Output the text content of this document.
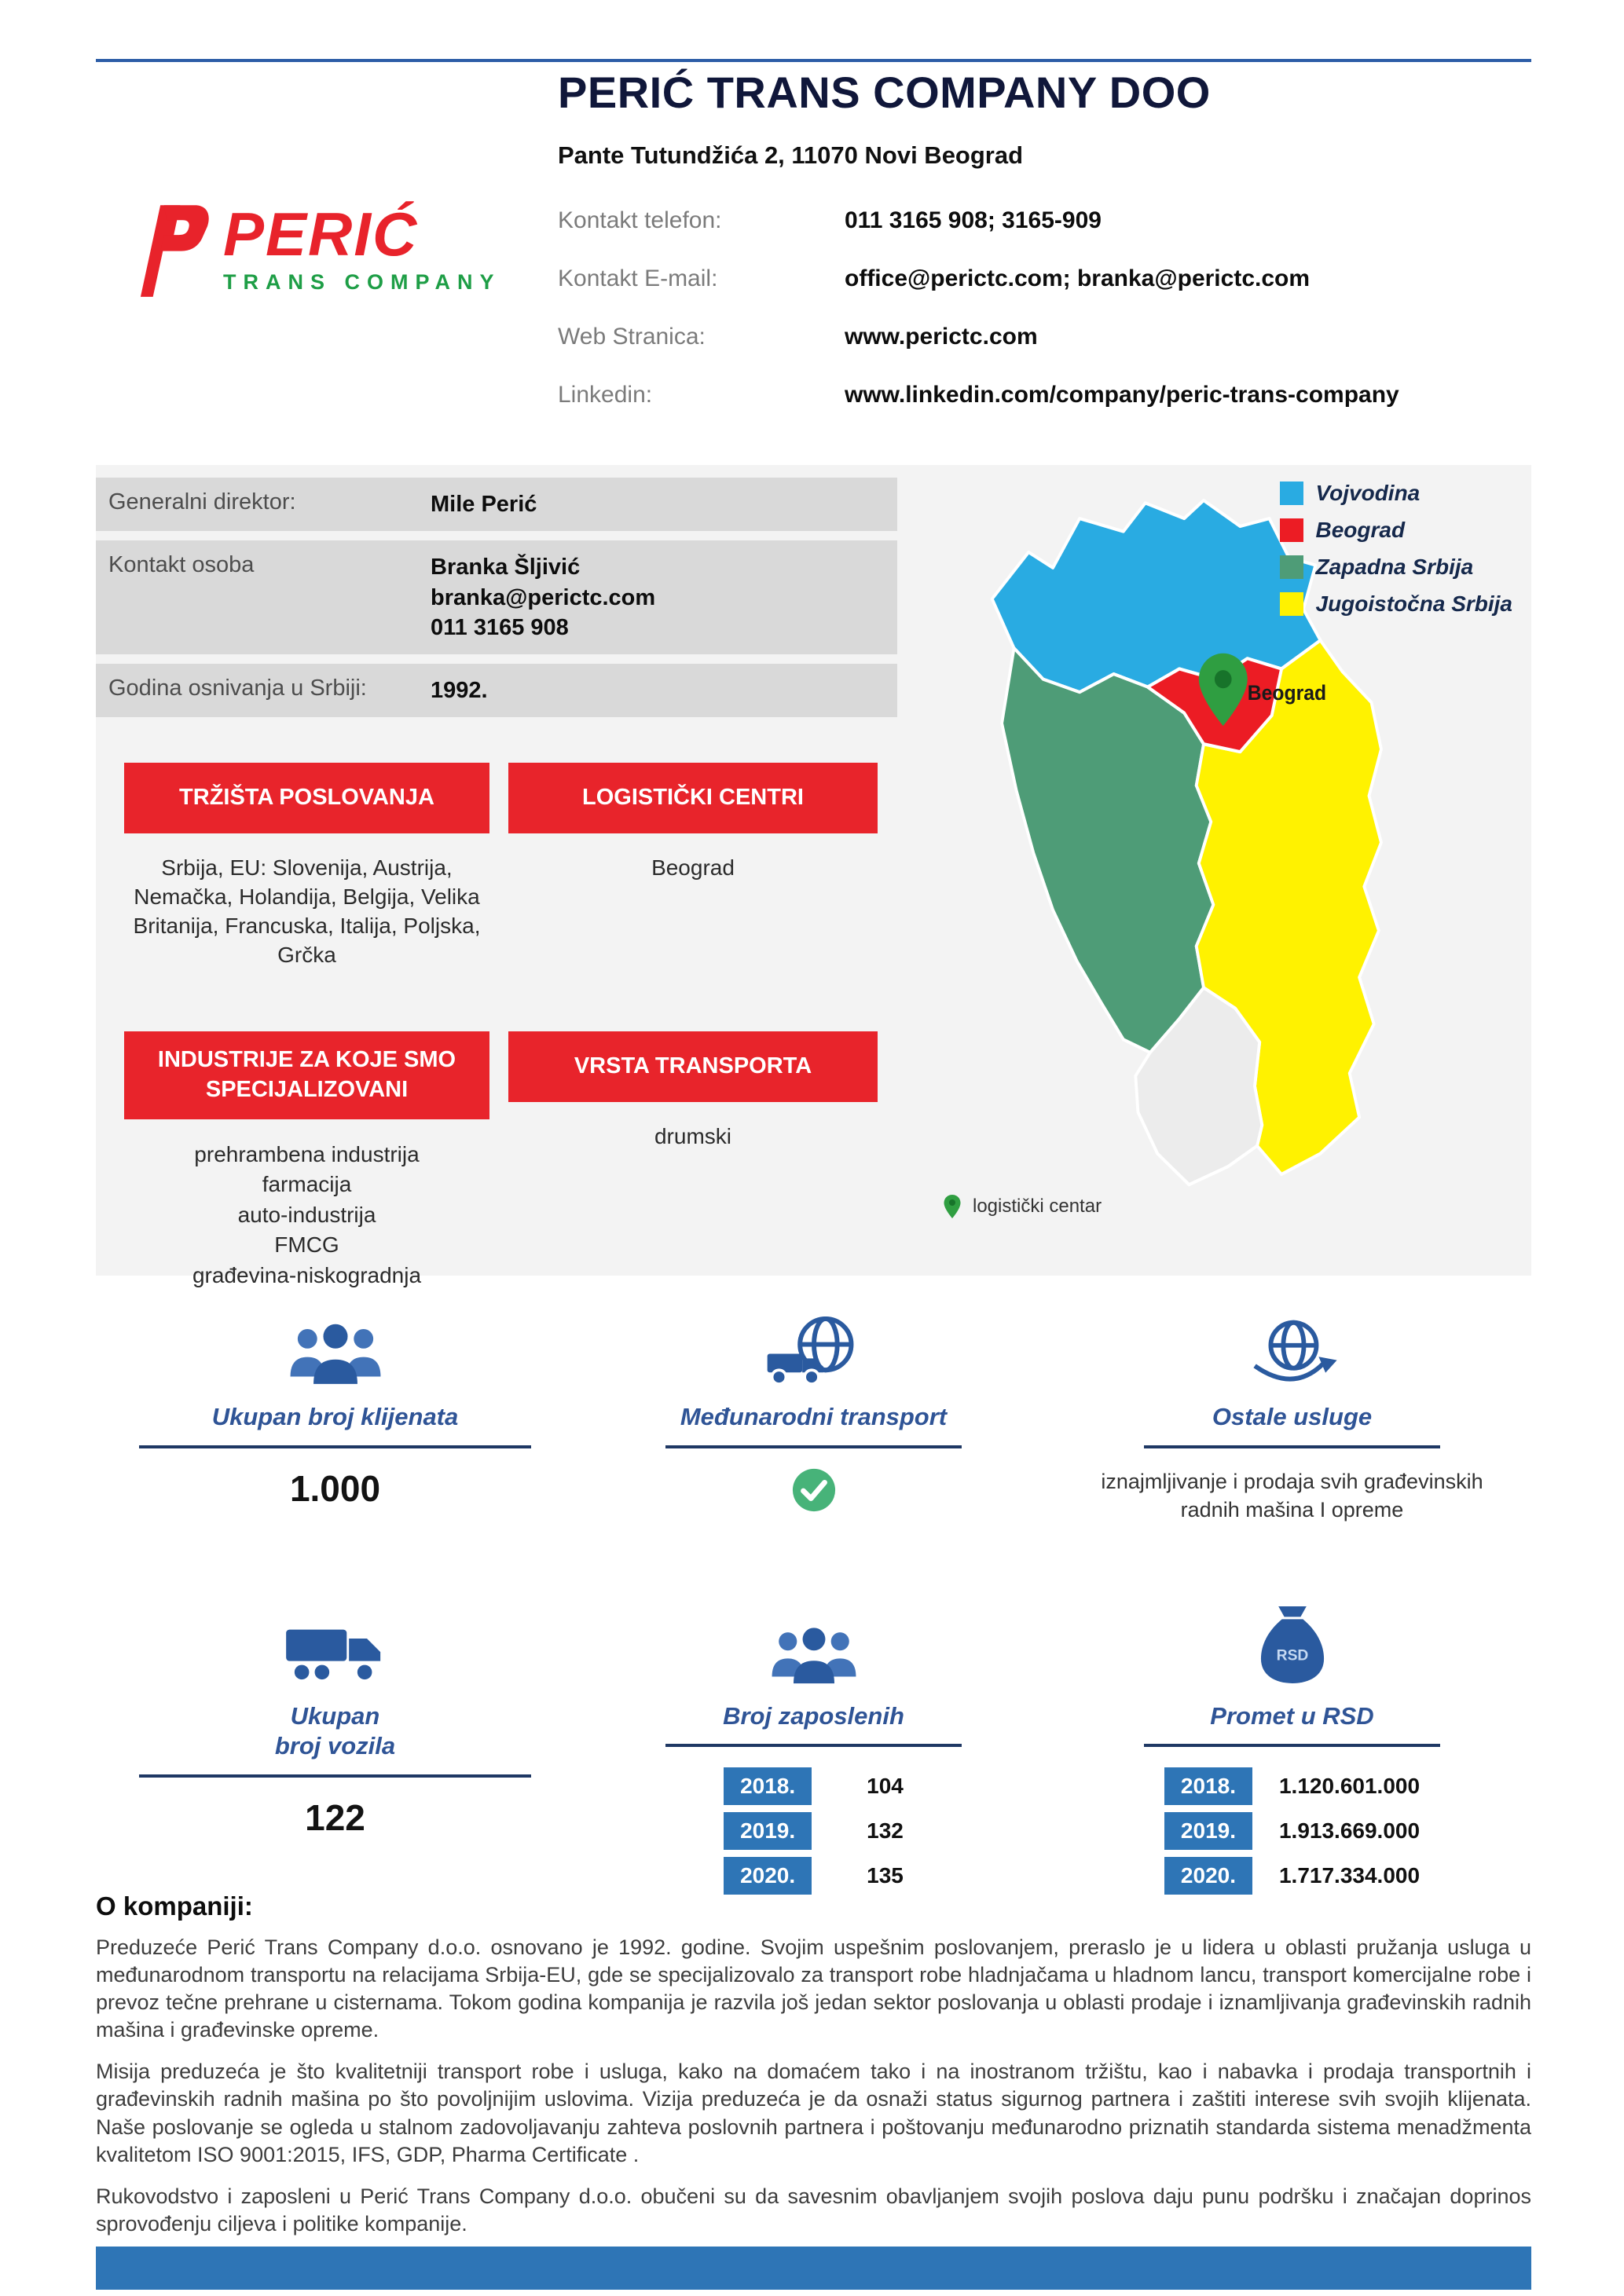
PERIĆ
TRANS COMPANY
PERIĆ TRANS COMPANY DOO
Pante Tutundžića 2, 11070 Novi Beograd
Kontakt telefon:	011 3165 908; 3165-909
Kontakt E-mail:	office@perictc.com; branka@perictc.com
Web Stranica:	www.perictc.com
Linkedin:	www.linkedin.com/company/peric-trans-company
Generalni direktor:	Mile Perić
Kontakt osoba	Branka Šljivić
branka@perictc.com
011 3165 908
Godina osnivanja u Srbiji:	1992.
TRŽIŠTA POSLOVANJA
Srbija, EU: Slovenija, Austrija, Nemačka, Holandija, Belgija, Velika Britanija, Francuska, Italija, Poljska, Grčka
LOGISTIČKI CENTRI
Beograd
INDUSTRIJE ZA KOJE SMO SPECIJALIZOVANI
prehrambena industrija
farmacija
auto-industrija
FMCG
građevina-niskogradnja
VRSTA TRANSPORTA
drumski
Beograd
Vojvodina
Beograd
Zapadna Srbija
Jugoistočna Srbija
logistički centar
Ukupan broj klijenata
1.000
Međunarodni transport	Ostale usluge
iznajmljivanje i prodaja svih građevinskih radnih mašina I opreme
Ukupan
broj vozila
122
Broj zaposlenih
2018.	104
2019.	132
2020.	135
RSD
Promet u RSD
2018.	1.120.601.000
2019.	1.913.669.000
2020.	1.717.334.000
O kompaniji:

Preduzeće Perić Trans Company d.o.o. osnovano je 1992. godine. Svojim uspešnim poslovanjem, preraslo je u lidera u oblasti pružanja usluga u međunarodnom transportu na relacijama Srbija-EU, gde se specijalizovalo za transport robe hladnjačama u hladnom lancu, transport komercijalne robe i prevoz tečne prehrane u cisternama. Tokom godina kompanija je razvila još jedan sektor poslovanja u oblasti prodaje i iznamljivanja građevinskih radnih mašina i građevinske opreme.

Misija preduzeća je što kvalitetniji transport robe i usluga, kako na domaćem tako i na inostranom tržištu, kao i nabavka i prodaja transportnih i građevinskih radnih mašina po što povoljnijim uslovima. Vizija preduzeća je da osnaži status sigurnog partnera i zaštiti interese svih svojih klijenata. Naše poslovanje se ogleda u stalnom zadovoljavanju zahteva poslovnih partnera i poštovanju međunarodno priznatih standarda sistema menadžmenta kvalitetom ISO 9001:2015, IFS, GDP, Pharma Certificate .

Rukovodstvo i zaposleni u Perić Trans Company d.o.o. obučeni su da savesnim obavljanjem svojih poslova daju punu podršku i značajan doprinos sprovođenju ciljeva i politike kompanije.
